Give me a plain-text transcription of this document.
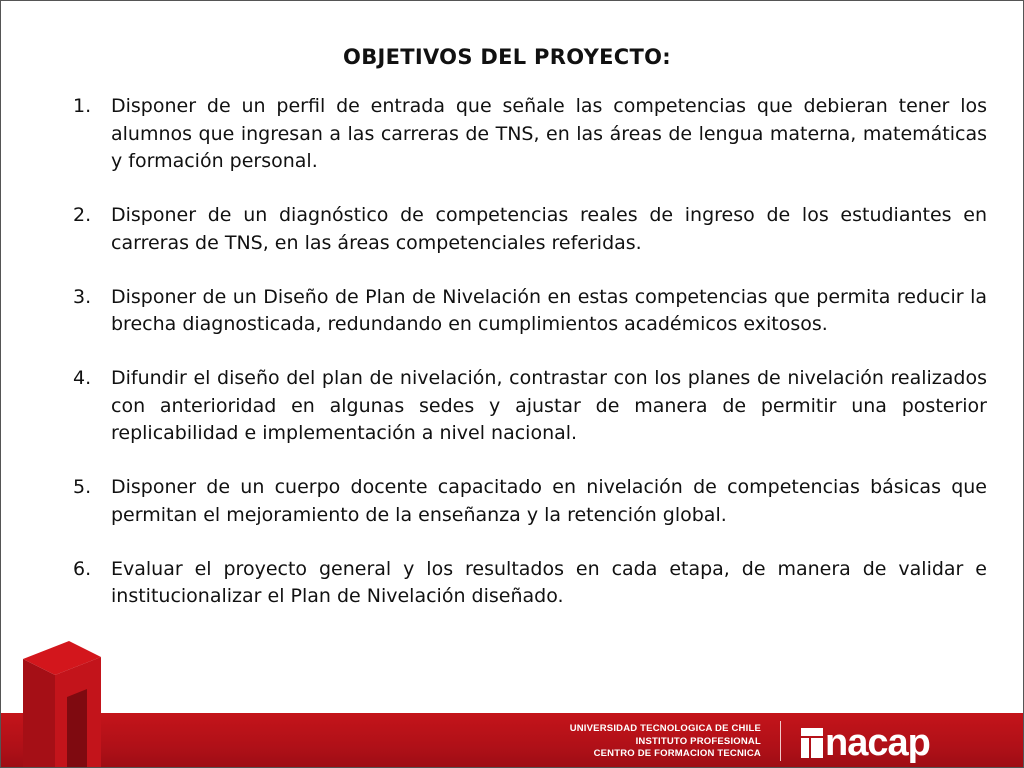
OBJETIVOS DEL PROYECTO:
1. Disponer de un perfil de entrada que señale las competencias que debieran tener los alumnos que ingresan a las carreras de TNS, en las áreas de lengua materna, matemáticas y formación personal.
2. Disponer de un diagnóstico de competencias reales de ingreso de los estudiantes en carreras de TNS, en las áreas competenciales referidas.
3. Disponer de un Diseño de Plan de Nivelación en estas competencias que permita reducir la brecha diagnosticada, redundando en cumplimientos académicos exitosos.
4. Difundir el diseño del plan de nivelación, contrastar con los planes de nivelación realizados con anterioridad en algunas sedes y ajustar de manera de permitir una posterior replicabilidad e implementación a nivel nacional.
5. Disponer de un cuerpo docente capacitado en nivelación de competencias básicas que permitan el mejoramiento de la enseñanza y la retención global.
6. Evaluar el proyecto general y los resultados en cada etapa, de manera de validar e institucionalizar el Plan de Nivelación diseñado.
UNIVERSIDAD TECNOLOGICA DE CHILE
INSTITUTO PROFESIONAL
CENTRO DE FORMACION TECNICA nacap
